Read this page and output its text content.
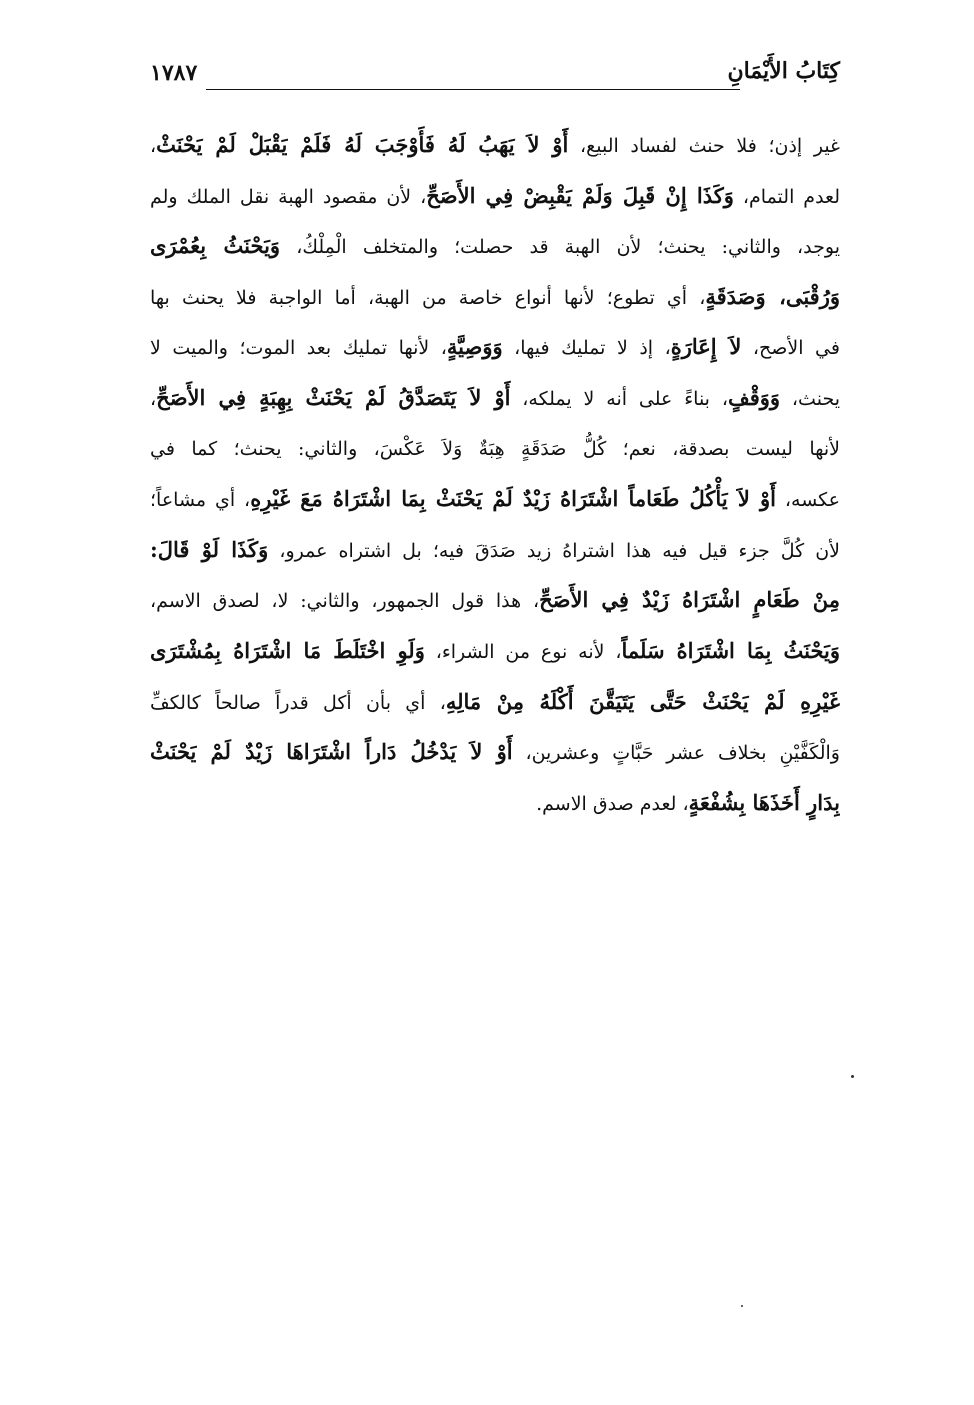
كِتَابُ الأَيْمَانِ
١٧٨٧
غير إذن؛ فلا حنث لفساد البيع، أَوْ لاَ يَهَبُ لَهُ فَأَوْجَبَ لَهُ فَلَمْ يَقْبَلْ لَمْ يَحْنَثْ،
لعدم التمام، وَكَذَا إِنْ قَبِلَ وَلَمْ يَقْبِضْ فِي الأَصَحِّ، لأن مقصود الهبة نقل الملك ولم
يوجد، والثاني: يحنث؛ لأن الهبة قد حصلت؛ والمتخلف الْمِلْكُ، وَيَحْنَثُ بِعُمْرَى
وَرُقْبَى، وَصَدَقَةٍ، أي تطوع؛ لأنها أنواع خاصة من الهبة، أما الواجبة فلا يحنث بها
في الأصح، لاَ إِعَارَةٍ، إذ لا تمليك فيها، وَوَصِيَّةٍ، لأنها تمليك بعد الموت؛ والميت لا
يحنث، وَوَقْفٍ، بناءً على أنه لا يملكه، أَوْ لاَ يَتَصَدَّقُ لَمْ يَحْنَثْ بِهِبَةٍ فِي الأَصَحِّ،
لأنها ليست بصدقة، نعم؛ كُلُّ صَدَقَةٍ هِبَةٌ وَلاَ عَكْسَ، والثاني: يحنث؛ كما في
عكسه، أَوْ لاَ يَأْكُلُ طَعَاماً اشْتَرَاهُ زَيْدٌ لَمْ يَحْنَثْ بِمَا اشْتَرَاهُ مَعَ غَيْرِهِ، أي مشاعاً؛
لأن كُلَّ جزء قيل فيه هذا اشتراهُ زيد صَدَقَ فيه؛ بل اشتراه عمرو، وَكَذَا لَوْ قَالَ:
مِنْ طَعَامٍ اشْتَرَاهُ زَيْدٌ فِي الأَصَحِّ، هذا قول الجمهور، والثاني: لا، لصدق الاسم،
وَيَحْنَثُ بِمَا اشْتَرَاهُ سَلَماً، لأنه نوع من الشراء، وَلَوِ اخْتَلَطَ مَا اشْتَرَاهُ بِمُشْتَرَى
غَيْرِهِ لَمْ يَحْنَثْ حَتَّى يَتَيَقَّنَ أَكْلَهُ مِنْ مَالِهِ، أي بأن أكل قدراً صالحاً كالكفِّ
وَالْكَفَّيْنِ بخلاف عشر حَبَّاتٍ وعشرين، أَوْ لاَ يَدْخُلُ دَاراً اشْتَرَاهَا زَيْدٌ لَمْ يَحْنَثْ
بِدَارٍ أَخَذَهَا بِشُفْعَةٍ، لعدم صدق الاسم.
